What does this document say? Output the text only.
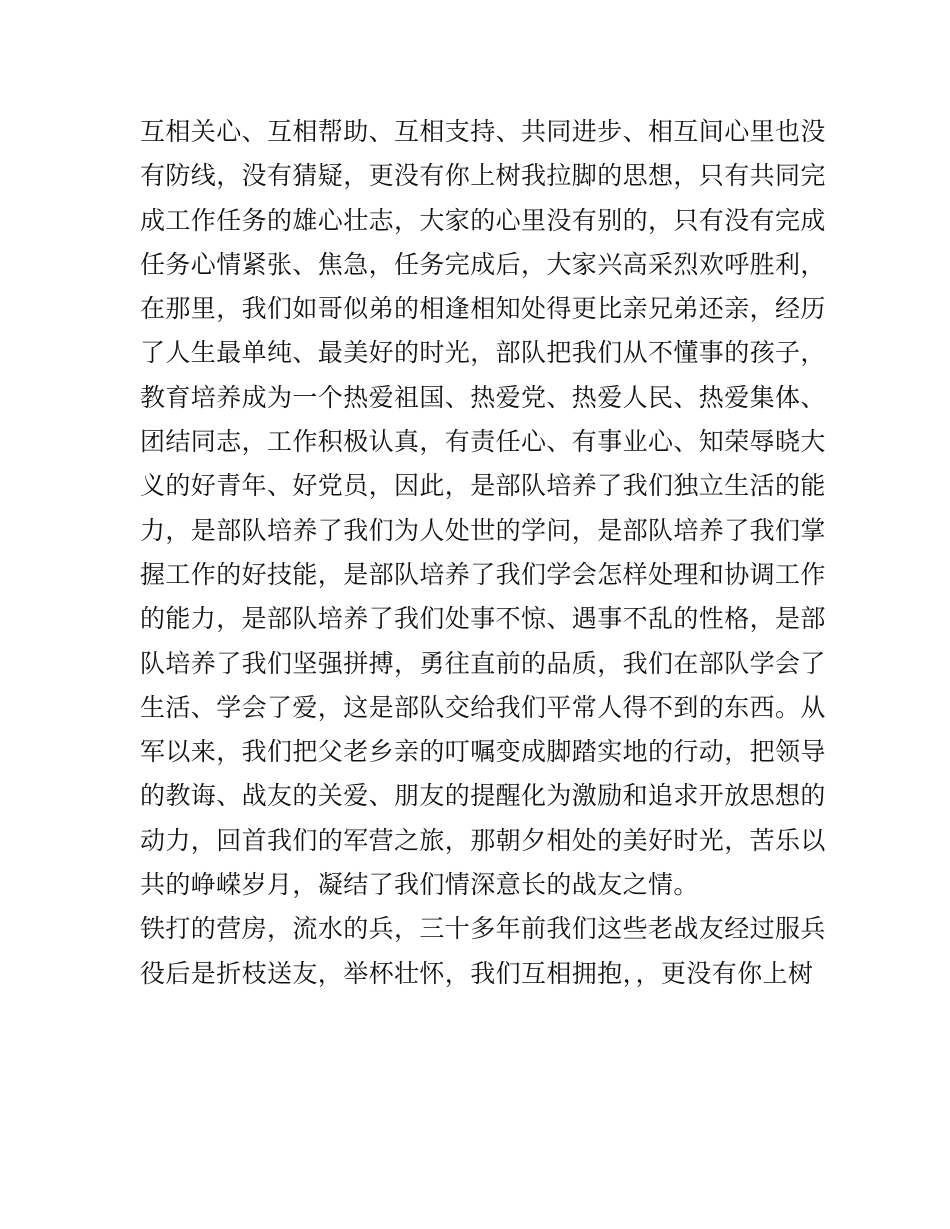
互相关心、互相帮助、互相支持、共同进步、相互间心里也没
有防线，没有猜疑，更没有你上树我拉脚的思想，只有共同完
成工作任务的雄心壮志，大家的心里没有别的，只有没有完成
任务心情紧张、焦急，任务完成后，大家兴高采烈欢呼胜利，
在那里，我们如哥似弟的相逢相知处得更比亲兄弟还亲，经历
了人生最单纯、最美好的时光，部队把我们从不懂事的孩子，
教育培养成为一个热爱祖国、热爱党、热爱人民、热爱集体、
团结同志，工作积极认真，有责任心、有事业心、知荣辱晓大
义的好青年、好党员，因此，是部队培养了我们独立生活的能
力，是部队培养了我们为人处世的学问，是部队培养了我们掌
握工作的好技能，是部队培养了我们学会怎样处理和协调工作
的能力，是部队培养了我们处事不惊、遇事不乱的性格，是部
队培养了我们坚强拼搏，勇往直前的品质，我们在部队学会了
生活、学会了爱，这是部队交给我们平常人得不到的东西。从
军以来，我们把父老乡亲的叮嘱变成脚踏实地的行动，把领导
的教诲、战友的关爱、朋友的提醒化为激励和追求开放思想的
动力，回首我们的军营之旅，那朝夕相处的美好时光，苦乐以
共的峥嵘岁月，凝结了我们情深意长的战友之情。
铁打的营房，流水的兵，三十多年前我们这些老战友经过服兵
役后是折枝送友，举杯壮怀，我们互相拥抱，，更没有你上树
